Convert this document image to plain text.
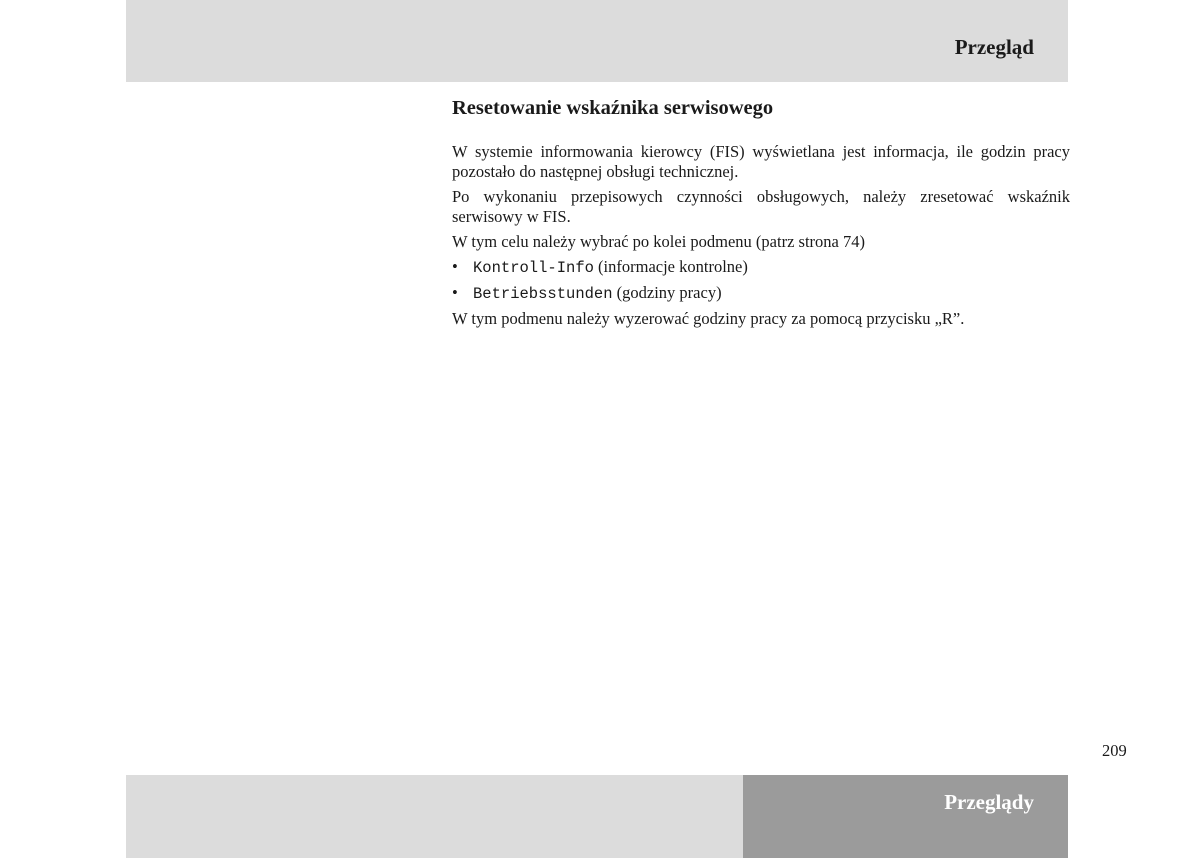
Przegląd
Resetowanie wskaźnika serwisowego

W systemie informowania kierowcy (FIS) wyświetlana jest informacja, ile godzin pracy pozostało do następnej obsługi technicznej.

Po wykonaniu przepisowych czynności obsługowych, należy zresetować wskaźnik serwisowy w FIS.

W tym celu należy wybrać po kolei podmenu (patrz strona 74)

• Kontroll-Info (informacje kontrolne)
• Betriebsstunden (godziny pracy)

W tym podmenu należy wyzerować godziny pracy za pomocą przycisku „R”.

209
Przeglądy
